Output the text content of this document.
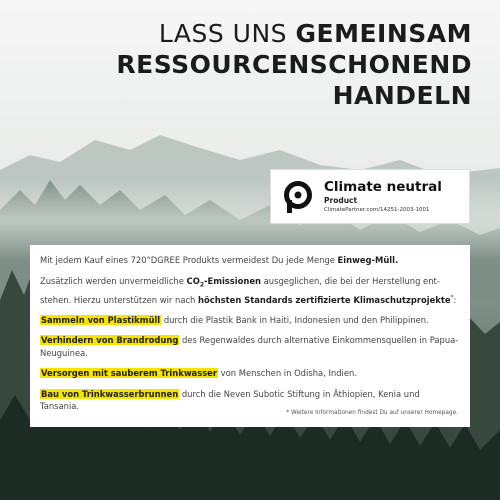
LASS UNS GEMEINSAM
RESSOURCENSCHONEND
HANDELN
Climate neutral
Product
ClimatePartner.com/14251-2003-1001

Mit jedem Kauf eines 720°DGREE Produkts vermeidest Du jede Menge Einweg-Müll.

Zusätzlich werden unvermeidliche $CO_2$-Emissionen ausgeglichen, die bei der Herstellung ent-stehen. Hierzu unterstützen wir nach höchsten Standards zertifizierte Klimaschutzprojekte*:

Sammeln von Plastikmüll durch die Plastik Bank in Haiti, Indonesien und den Philippinen.

Verhindern von Brandrodung des Regenwaldes durch alternative Einkommensquellen in Papua-Neuguinea.

Versorgen mit sauberem Trinkwasser von Menschen in Odisha, Indien.

Bau von Trinkwasserbrunnen durch die Neven Subotic Stiftung in Äthiopien, Kenia und Tansania.

* Weitere Informationen findest Du auf unserer Homepage.
